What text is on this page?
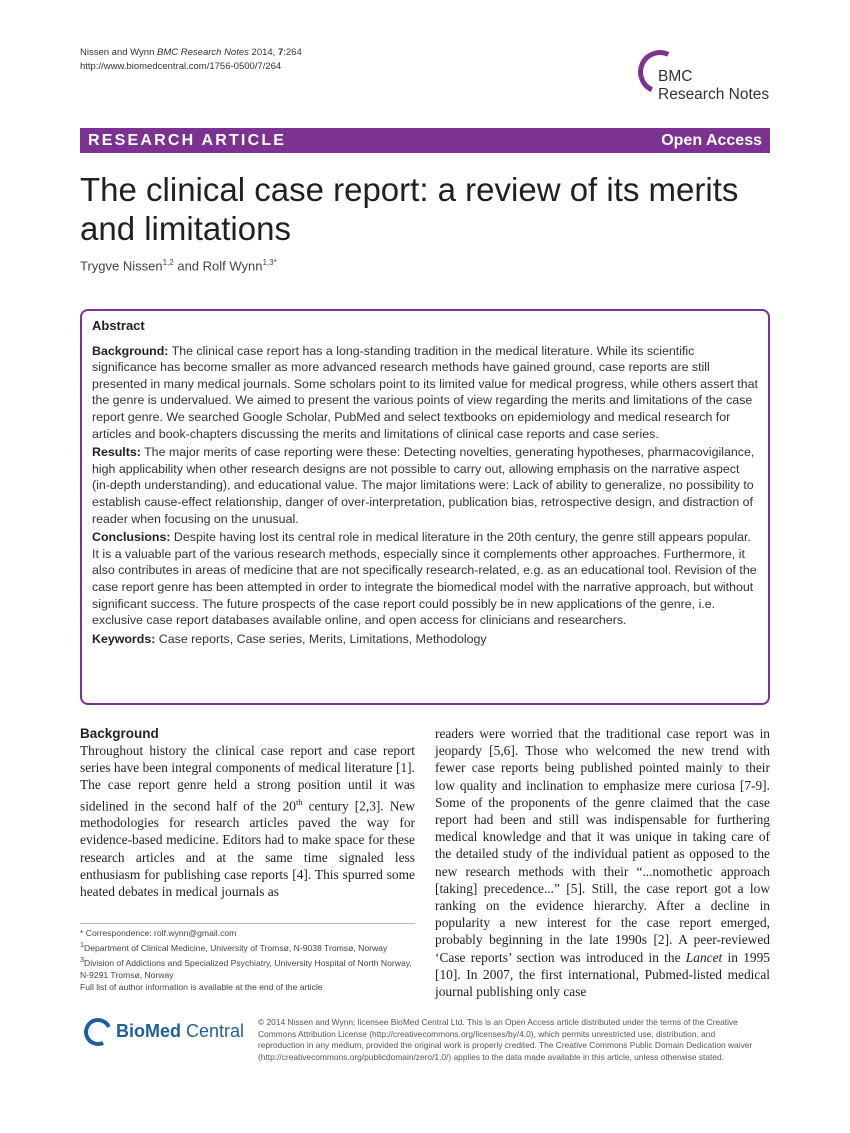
Nissen and Wynn BMC Research Notes 2014, 7:264
http://www.biomedcentral.com/1756-0500/7/264
BMC
Research Notes
RESEARCH ARTICLE	Open Access
The clinical case report: a review of its merits and limitations
Trygve Nissen$^{1,2}$ and Rolf Wynn$^{1,3*}$
Abstract

Background: The clinical case report has a long-standing tradition in the medical literature. While its scientific significance has become smaller as more advanced research methods have gained ground, case reports are still presented in many medical journals. Some scholars point to its limited value for medical progress, while others assert that the genre is undervalued. We aimed to present the various points of view regarding the merits and limitations of the case report genre. We searched Google Scholar, PubMed and select textbooks on epidemiology and medical research for articles and book-chapters discussing the merits and limitations of clinical case reports and case series.

Results: The major merits of case reporting were these: Detecting novelties, generating hypotheses, pharmacovigilance, high applicability when other research designs are not possible to carry out, allowing emphasis on the narrative aspect (in-depth understanding), and educational value. The major limitations were: Lack of ability to generalize, no possibility to establish cause-effect relationship, danger of over-interpretation, publication bias, retrospective design, and distraction of reader when focusing on the unusual.

Conclusions: Despite having lost its central role in medical literature in the 20th century, the genre still appears popular. It is a valuable part of the various research methods, especially since it complements other approaches. Furthermore, it also contributes in areas of medicine that are not specifically research-related, e.g. as an educational tool. Revision of the case report genre has been attempted in order to integrate the biomedical model with the narrative approach, but without significant success. The future prospects of the case report could possibly be in new applications of the genre, i.e. exclusive case report databases available online, and open access for clinicians and researchers.

Keywords: Case reports, Case series, Merits, Limitations, Methodology

Background

Throughout history the clinical case report and case report series have been integral components of medical literature [1]. The case report genre held a strong position until it was sidelined in the second half of the 20th century [2,3]. New methodologies for research articles paved the way for evidence-based medicine. Editors had to make space for these research articles and at the same time signaled less enthusiasm for publishing case reports [4]. This spurred some heated debates in medical journals as

readers were worried that the traditional case report was in jeopardy [5,6]. Those who welcomed the new trend with fewer case reports being published pointed mainly to their low quality and inclination to emphasize mere curiosa [7-9]. Some of the proponents of the genre claimed that the case report had been and still was indispensable for furthering medical knowledge and that it was unique in taking care of the detailed study of the individual patient as opposed to the new research methods with their “...nomothetic approach [taking] precedence...” [5]. Still, the case report got a low ranking on the evidence hierarchy. After a decline in popularity a new interest for the case report emerged, probably beginning in the late 1990s [2]. A peer-reviewed ‘Case reports’ section was introduced in the Lancet in 1995 [10]. In 2007, the first international, Pubmed-listed medical journal publishing only case

* Correspondence: rolf.wynn@gmail.com

$^1$Department of Clinical Medicine, University of Tromsø, N-9038 Tromsø, Norway

$^3$Division of Addictions and Specialized Psychiatry, University Hospital of North Norway, N-9291 Tromsø, Norway

Full list of author information is available at the end of the article

BioMed Central © 2014 Nissen and Wynn; licensee BioMed Central Ltd. This is an Open Access article distributed under the terms of the Creative Commons Attribution License (http://creativecommons.org/licenses/by/4.0), which permits unrestricted use, distribution, and reproduction in any medium, provided the original work is properly credited. The Creative Commons Public Domain Dedication waiver (http://creativecommons.org/publicdomain/zero/1.0/) applies to the data made available in this article, unless otherwise stated.
